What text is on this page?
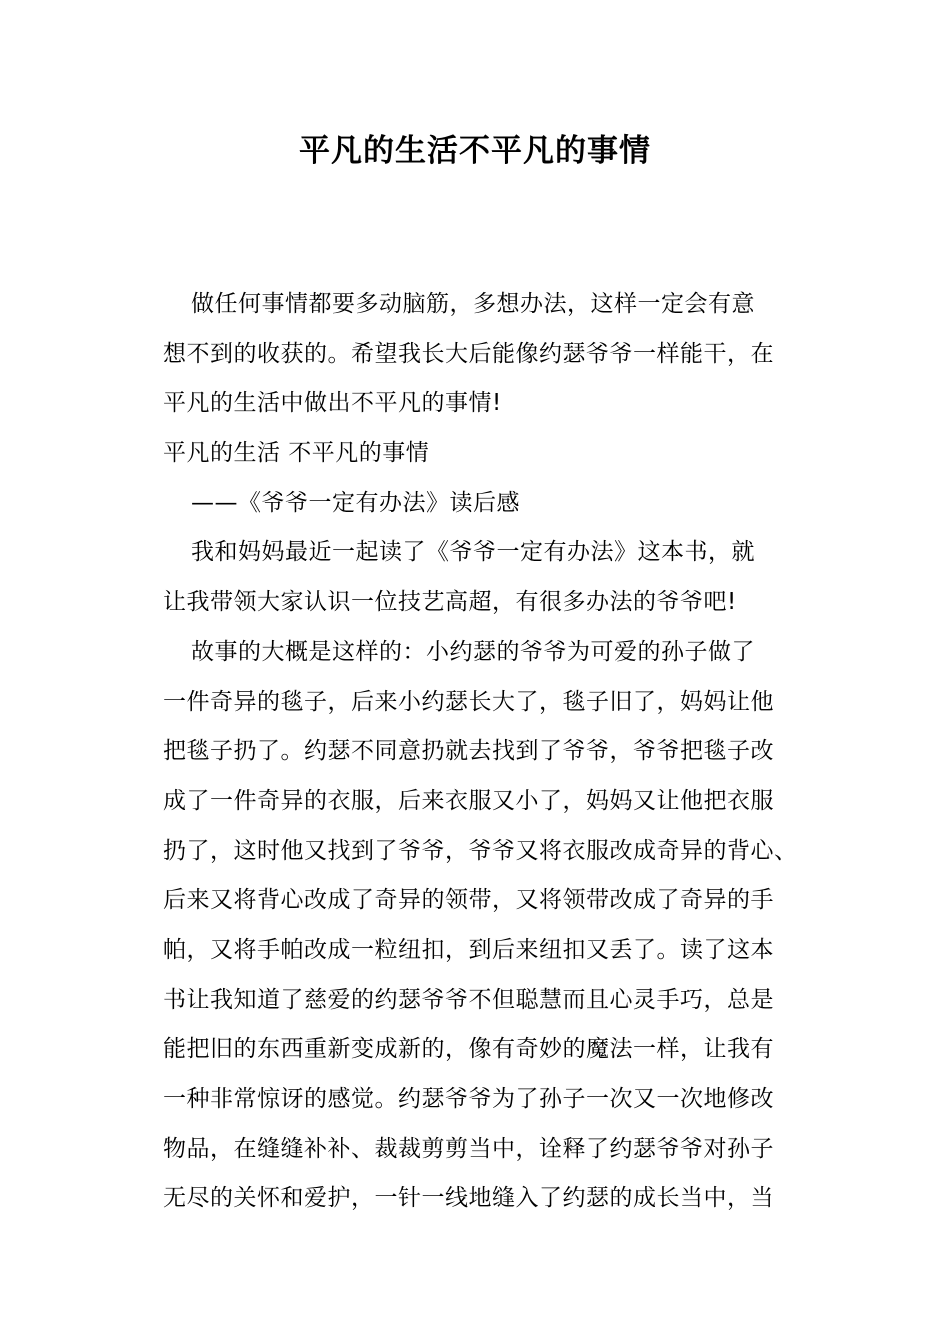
平凡的生活不平凡的事情
做任何事情都要多动脑筋，多想办法，这样一定会有意
想不到的收获的。希望我长大后能像约瑟爷爷一样能干，在
平凡的生活中做出不平凡的事情!
平凡的生活 不平凡的事情
——《爷爷一定有办法》读后感
我和妈妈最近一起读了《爷爷一定有办法》这本书，就
让我带领大家认识一位技艺高超，有很多办法的爷爷吧!
故事的大概是这样的：小约瑟的爷爷为可爱的孙子做了
一件奇异的毯子，后来小约瑟长大了，毯子旧了，妈妈让他
把毯子扔了。约瑟不同意扔就去找到了爷爷，爷爷把毯子改
成了一件奇异的衣服，后来衣服又小了，妈妈又让他把衣服
扔了，这时他又找到了爷爷，爷爷又将衣服改成奇异的背心、
后来又将背心改成了奇异的领带，又将领带改成了奇异的手
帕，又将手帕改成一粒纽扣，到后来纽扣又丢了。读了这本
书让我知道了慈爱的约瑟爷爷不但聪慧而且心灵手巧，总是
能把旧的东西重新变成新的，像有奇妙的魔法一样，让我有
一种非常惊讶的感觉。约瑟爷爷为了孙子一次又一次地修改
物品，在缝缝补补、裁裁剪剪当中，诠释了约瑟爷爷对孙子
无尽的关怀和爱护，一针一线地缝入了约瑟的成长当中，当
